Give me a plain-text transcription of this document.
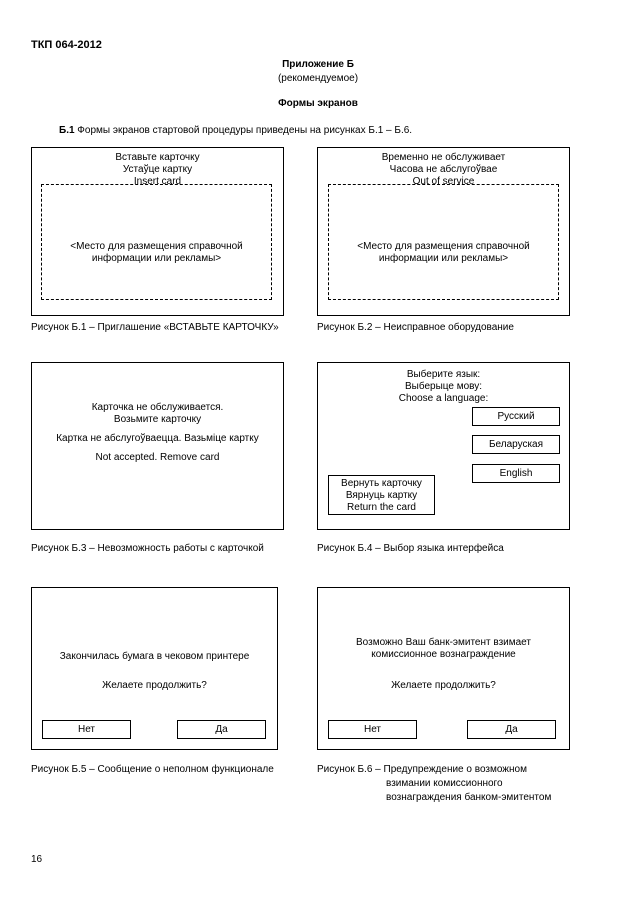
ТКП 064-2012
Приложение Б
(рекомендуемое)
Формы экранов
Б.1 Формы экранов стартовой процедуры приведены на рисунках Б.1 – Б.6.
Вставьте карточку
Устаўце картку
Insert card
<Место для размещения справочной
информации или рекламы>
Рисунок Б.1 – Приглашение «ВСТАВЬТЕ КАРТОЧКУ»
Временно не обслуживает
Часова не абслугоўвае
Out of service
<Место для размещения справочной
информации или рекламы>
Рисунок Б.2 – Неисправное оборудование
Карточка не обслуживается.
Возьмите карточку
Картка не абслугоўваецца. Вазьміце картку
Not accepted. Remove card
Рисунок Б.3 – Невозможность работы с карточкой
Выберите язык:
Выберыце мову:
Choose a language:
Русский
Беларуская
English
Вернуть карточку
Вярнуць картку
Return the card
Рисунок Б.4 – Выбор языка интерфейса
Закончилась бумага в чековом принтере
Желаете продолжить?
Нет	Да
Рисунок Б.5 – Сообщение о неполном функционале
Возможно Ваш банк-эмитент взимает
комиссионное вознаграждение
Желаете продолжить?
Нет	Да
Рисунок Б.6 – Предупреждение о возможном
взимании комиссионного
вознаграждения банком-эмитентом
16
